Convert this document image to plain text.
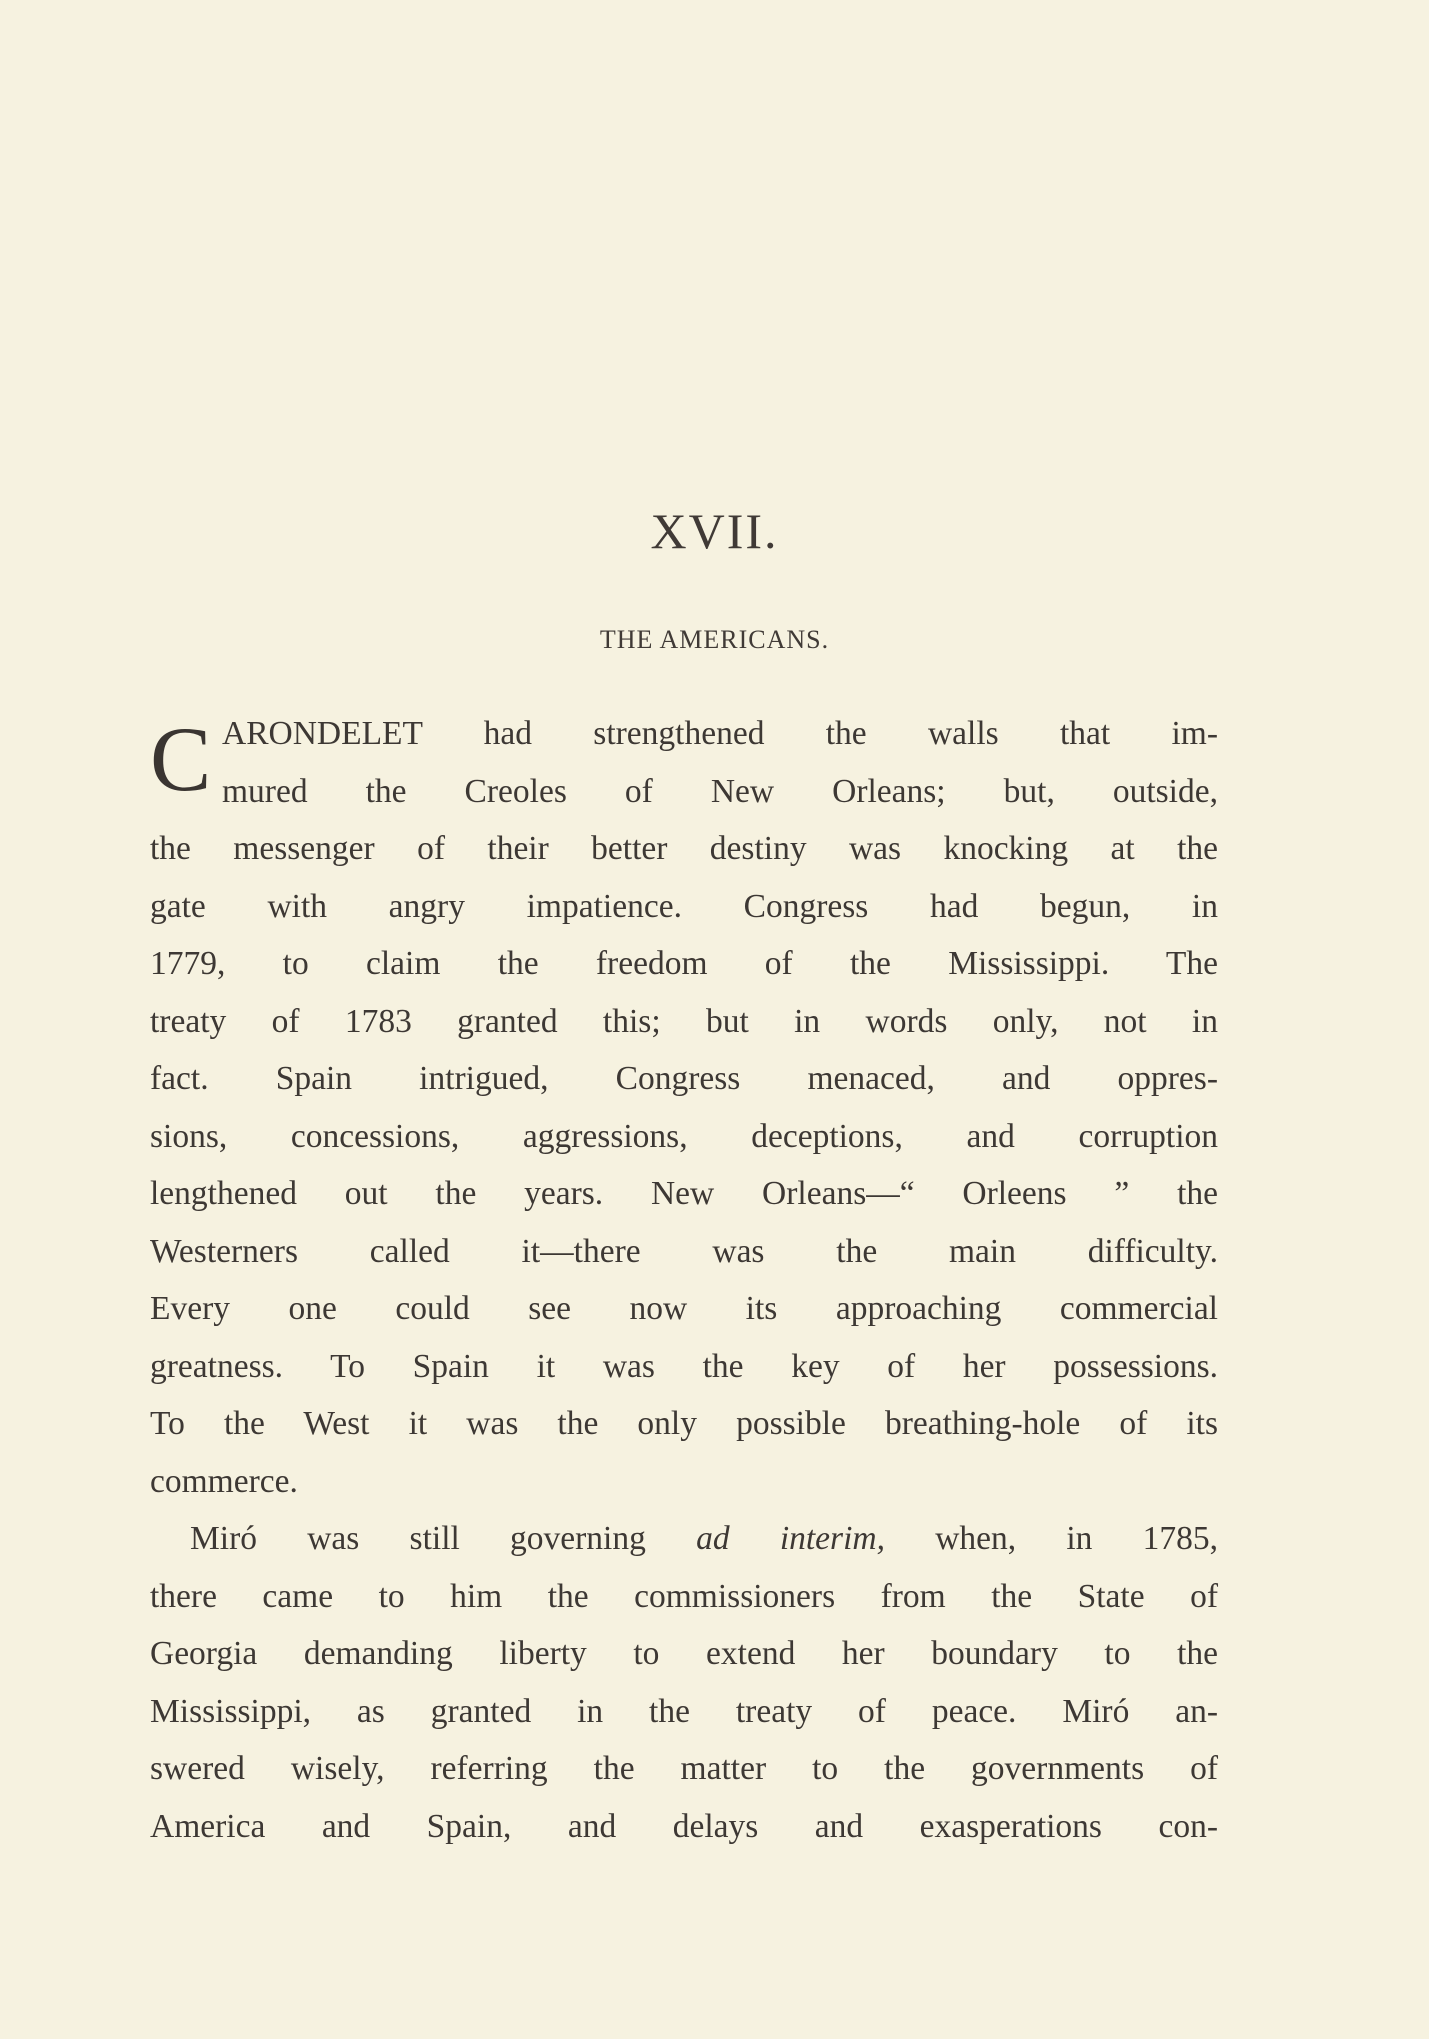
XVII.
THE AMERICANS.
C ARONDELET had strengthened the walls that im-
mured the Creoles of New Orleans; but, outside,
the messenger of their better destiny was knocking at the
gate with angry impatience. Congress had begun, in
1779, to claim the freedom of the Mississippi. The
treaty of 1783 granted this; but in words only, not in
fact. Spain intrigued, Congress menaced, and oppres-
sions, concessions, aggressions, deceptions, and corruption
lengthened out the years. New Orleans—“ Orleens ” the
Westerners called it—there was the main difficulty.
Every one could see now its approaching commercial
greatness. To Spain it was the key of her possessions.
To the West it was the only possible breathing-hole of its
commerce.
Miró was still governing ad interim, when, in 1785,
there came to him the commissioners from the State of
Georgia demanding liberty to extend her boundary to the
Mississippi, as granted in the treaty of peace. Miró an-
swered wisely, referring the matter to the governments of
America and Spain, and delays and exasperations con-
